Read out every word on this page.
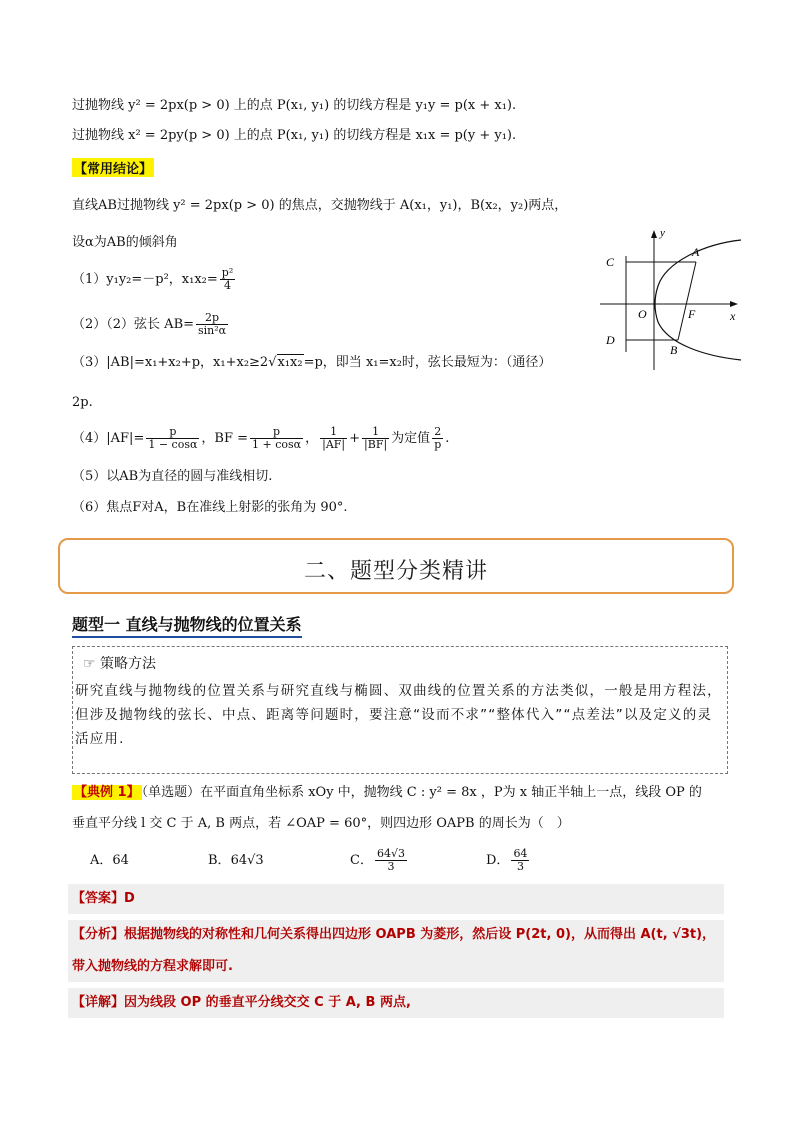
过抛物线 y² = 2px(p > 0) 上的点 P(x₁, y₁) 的切线方程是 y₁y = p(x + x₁).
过抛物线 x² = 2py(p > 0) 上的点 P(x₁, y₁) 的切线方程是 x₁x = p(y + y₁).
【常用结论】
直线AB过抛物线 y² = 2px(p > 0) 的焦点，交抛物线于 A(x₁，y₁)，B(x₂，y₂)两点，
设α为AB的倾斜角
（1）y₁y₂=－p²，$x_1x_2= \frac{\text{p²}}{4}$
（2）（2）弦长 $AB= \frac{2p}{\text{sin²α}}$
（3）|AB|=x₁+x₂+p，x₁+x₂≥2√x₁x₂=p，即当 x₁=x₂时，弦长最短为：（通径）
2p.
$(4)|AF|= \frac{p}{1 - \cos\alpha}$ ，BF = $\frac{p}{1 + \cos\alpha}$ ， $\frac{1}{|AF|} + \frac{1}{|BF|}$ 为定值 $\frac{2}{p}$ .
（5）以AB为直径的圆与准线相切.
（6）焦点F对A，B在准线上射影的张角为 90°.
y
A
C
O	F	x
D
B
二、题型分类精讲
题型一 直线与抛物线的位置关系
☞ 策略方法
研究直线与抛物线的位置关系与研究直线与椭圆、双曲线的位置关系的方法类似，一般是用方程法，但涉及抛物线的弦长、中点、距离等问题时，要注意“设而不求”“整体代入”“点差法”以及定义的灵活应用.
【典例 1】 （单选题）在平面直角坐标系 xOy 中，抛物线 C : y² = 8x ，P为 x 轴正半轴上一点，线段 OP 的
垂直平分线 l 交 C 于 A, B 两点，若 ∠OAP = 60°，则四边形 OAPB 的周长为（　）
A．64	B．64√3	C． $\frac{64√3}{3}$	D． $\frac{64}{3}$
【答案】D
【分析】根据抛物线的对称性和几何关系得出四边形 OAPB 为菱形，然后设 P(2t, 0)，从而得出 A(t, √3t)，
带入抛物线的方程求解即可.
【详解】因为线段 OP 的垂直平分线交交 C 于 A, B 两点,
